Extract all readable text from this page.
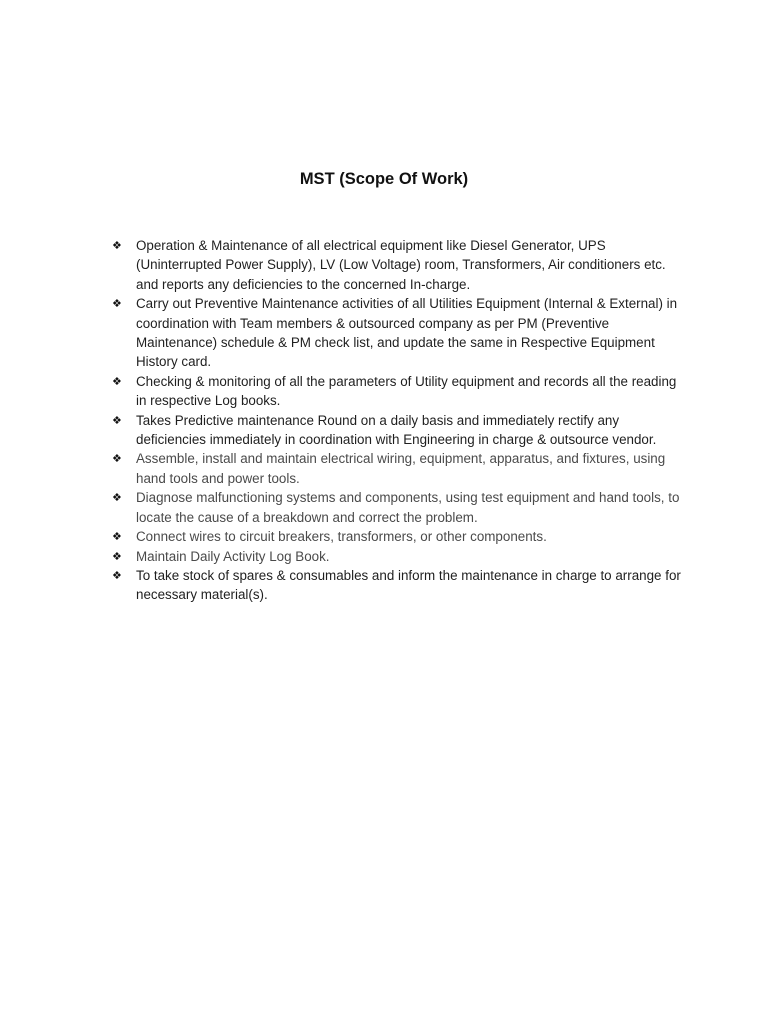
MST (Scope Of Work)
❖	Operation & Maintenance of all electrical equipment like Diesel Generator, UPS (Uninterrupted Power Supply), LV (Low Voltage) room, Transformers, Air conditioners etc. and reports any deficiencies to the concerned In-charge.
❖	Carry out Preventive Maintenance activities of all Utilities Equipment (Internal & External) in coordination with Team members & outsourced company as per PM (Preventive Maintenance) schedule & PM check list, and update the same in Respective Equipment History card.
❖	Checking & monitoring of all the parameters of Utility equipment and records all the reading in respective Log books.
❖	Takes Predictive maintenance Round on a daily basis and immediately rectify any deficiencies immediately in coordination with Engineering in charge & outsource vendor.
❖	Assemble, install and maintain electrical wiring, equipment, apparatus, and fixtures, using hand tools and power tools.
❖	Diagnose malfunctioning systems and components, using test equipment and hand tools, to locate the cause of a breakdown and correct the problem.
❖	Connect wires to circuit breakers, transformers, or other components.
❖	Maintain Daily Activity Log Book.
❖	To take stock of spares & consumables and inform the maintenance in charge to arrange for necessary material(s).
